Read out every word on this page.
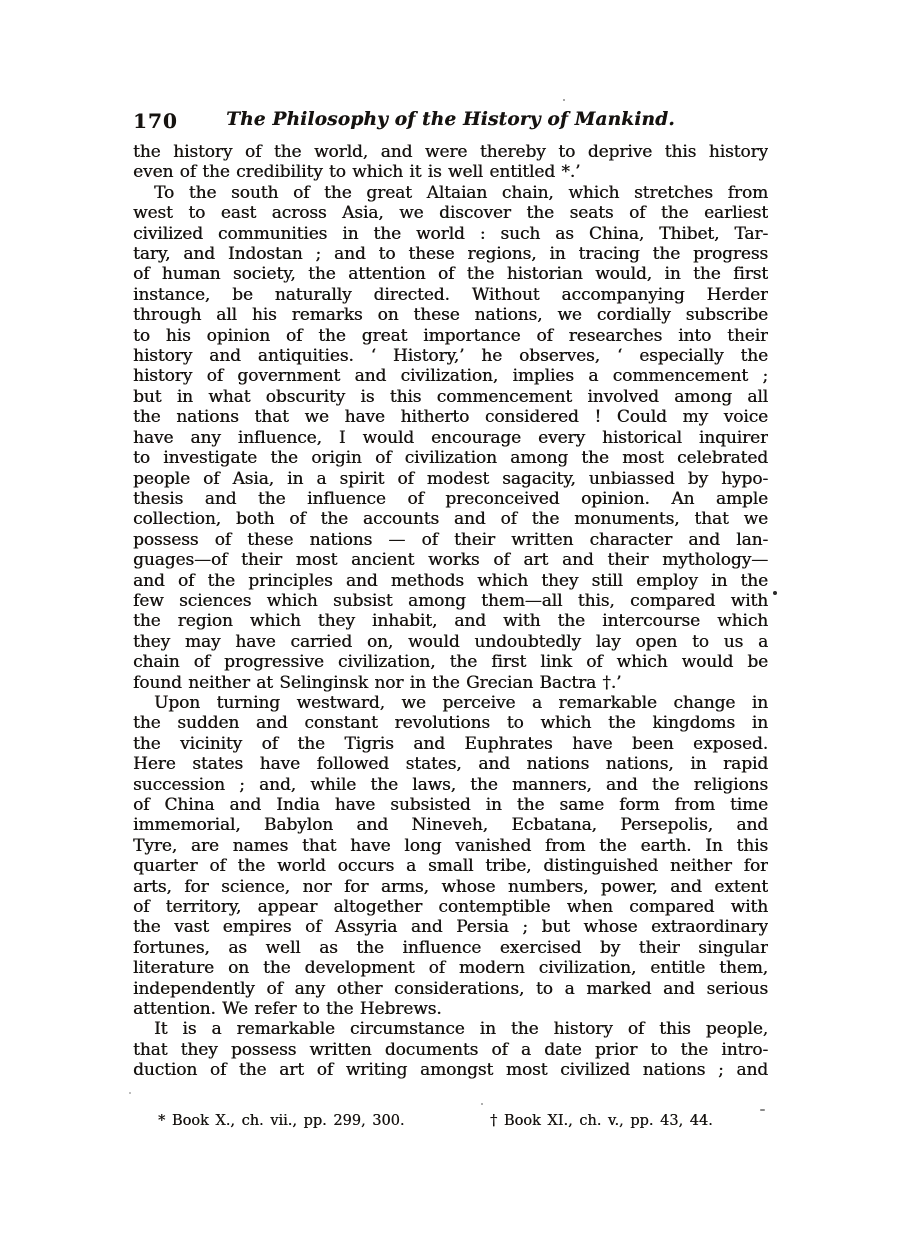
170	The Philosophy of the History of Mankind.
the history of the world, and were thereby to deprive this history
even of the credibility to which it is well entitled *.’
To the south of the great Altaian chain, which stretches from
west to east across Asia, we discover the seats of the earliest
civilized communities in the world : such as China, Thibet, Tar-
tary, and Indostan ; and to these regions, in tracing the progress
of human society, the attention of the historian would, in the first
instance, be naturally directed. Without accompanying Herder
through all his remarks on these nations, we cordially subscribe
to his opinion of the great importance of researches into their
history and antiquities. ‘ History,’ he observes, ‘ especially the
history of government and civilization, implies a commencement ;
but in what obscurity is this commencement involved among all
the nations that we have hitherto considered ! Could my voice
have any influence, I would encourage every historical inquirer
to investigate the origin of civilization among the most celebrated
people of Asia, in a spirit of modest sagacity, unbiassed by hypo-
thesis and the influence of preconceived opinion. An ample
collection, both of the accounts and of the monuments, that we
possess of these nations — of their written character and lan-
guages—of their most ancient works of art and their mythology—
and of the principles and methods which they still employ in the
few sciences which subsist among them—all this, compared with
the region which they inhabit, and with the intercourse which
they may have carried on, would undoubtedly lay open to us a
chain of progressive civilization, the first link of which would be
found neither at Selinginsk nor in the Grecian Bactra †.’
Upon turning westward, we perceive a remarkable change in
the sudden and constant revolutions to which the kingdoms in
the vicinity of the Tigris and Euphrates have been exposed.
Here states have followed states, and nations nations, in rapid
succession ; and, while the laws, the manners, and the religions
of China and India have subsisted in the same form from time
immemorial, Babylon and Nineveh, Ecbatana, Persepolis, and
Tyre, are names that have long vanished from the earth. In this
quarter of the world occurs a small tribe, distinguished neither for
arts, for science, nor for arms, whose numbers, power, and extent
of territory, appear altogether contemptible when compared with
the vast empires of Assyria and Persia ; but whose extraordinary
fortunes, as well as the influence exercised by their singular
literature on the development of modern civilization, entitle them,
independently of any other considerations, to a marked and serious
attention. We refer to the Hebrews.
It is a remarkable circumstance in the history of this people,
that they possess written documents of a date prior to the intro-
duction of the art of writing amongst most civilized nations ; and
* Book X., ch. vii., pp. 299, 300.	† Book XI., ch. v., pp. 43, 44.
